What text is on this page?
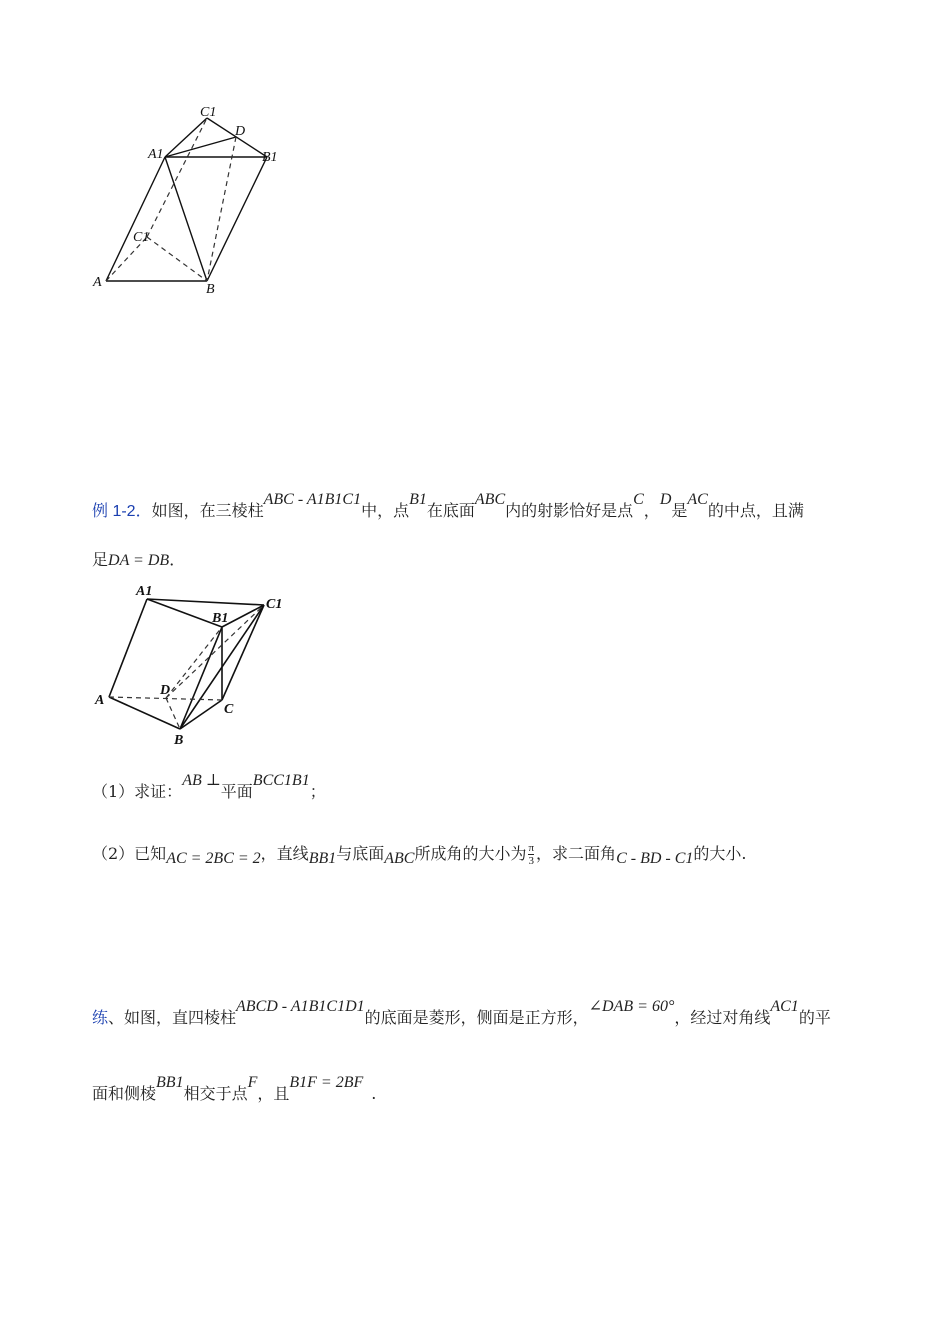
C1
D
A1	B1
C1
A	B
例 1-2．如图，在三棱柱ABC - A1B1C1中，点B1在底面ABC内的射影恰好是点C，D是AC的中点，且满
足DA = DB．
A1
B1
C1
A
D
C
B
（1）求证：AB ⊥平面BCC1B1；
（2）已知AC = 2BC = 2，直线BB1与底面ABC所成角的大小为 $\frac{\pi}{3}$ ，求二面角C - BD - C1的大小.
练、如图，直四棱柱ABCD - A1B1C1D1的底面是菱形，侧面是正方形，∠DAB = 60°，经过对角线AC1的平
面和侧棱BB1相交于点F，且B1F = 2BF.
